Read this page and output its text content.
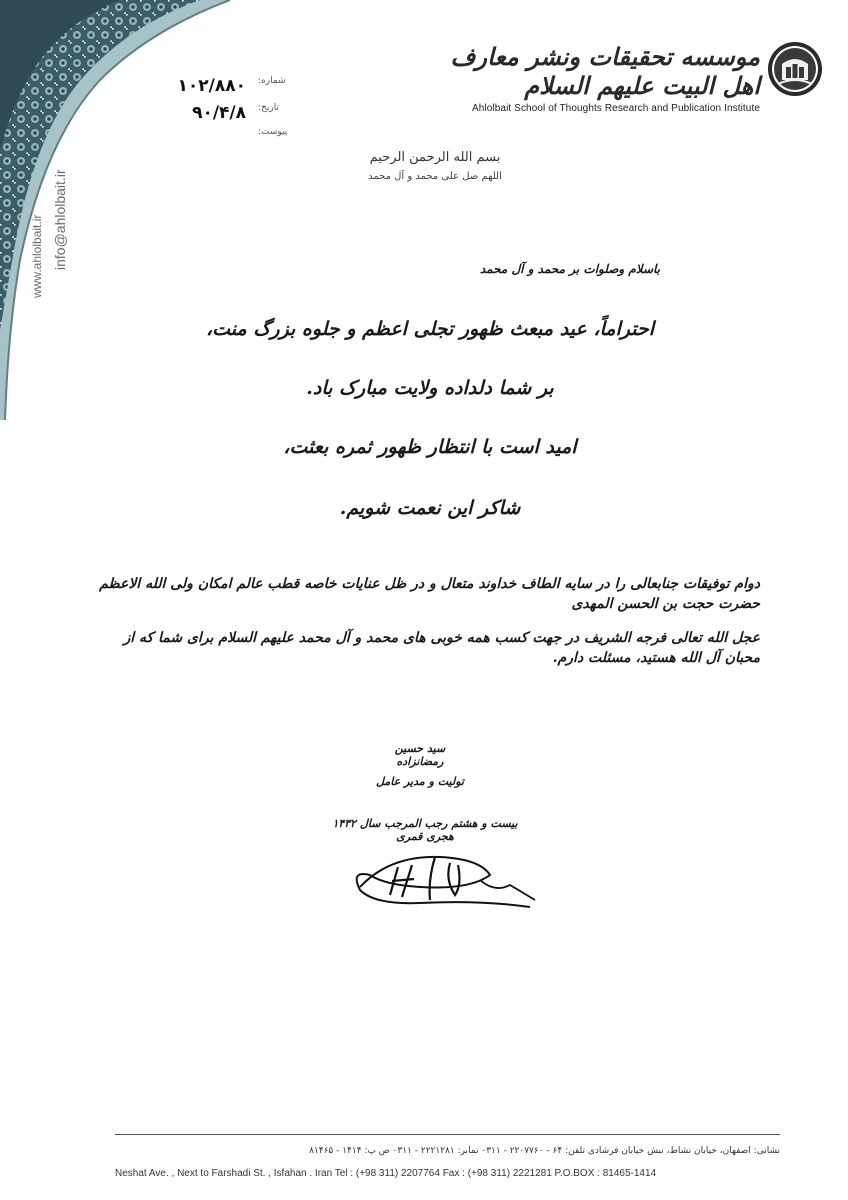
www.ahlolbait.ir info@ahlolbait.ir
موسسه تحقیقات ونشر معارف اهل البیت علیهم السلام
Ahlolbait School of Thoughts Research and Publication Institute
۱۰۲/۸۸۰ شماره:
۹۰/۴/۸ تاریخ:
پیوست:
بسم الله الرحمن الرحیم
اللهم صل علی محمد و آل محمد
باسلام وصلوات بر محمد و آل محمد
احتراماً، عید مبعث ظهور تجلی اعظم و جلوه بزرگ منت،
بر شما دلداده ولایت مبارک باد.
امید است با انتظار ظهور ثمره بعثت،
شاکر این نعمت شویم.
دوام توفیقات جنابعالی را در سایه الطاف خداوند متعال و در ظل عنایات خاصه قطب عالم امکان ولی الله الاعظم حضرت حجت بن الحسن المهدی
عجل الله تعالی فرجه الشریف در جهت کسب همه خوبی های محمد و آل محمد علیهم السلام برای شما که از محبان آل الله هستید، مسئلت دارم.
سید حسین رمضانزاده
تولیت و مدیر عامل
بیست و هشتم رجب المرجب سال ۱۴۳۲ هجری قمری
نشانی: اصفهان، خیابان نشاط، نبش خیابان فرشادی تلفن: ۶۴ - ۲۲۰۷۷۶۰ - ۰۳۱۱ نمابر: ۲۲۲۱۲۸۱ - ۰۳۱۱ ص پ: ۱۴۱۴ - ۸۱۴۶۵
Neshat Ave. , Next to Farshadi St. , Isfahan . Iran Tel : (+98 311) 2207764 Fax : (+98 311) 2221281 P.O.BOX : 81465-1414
